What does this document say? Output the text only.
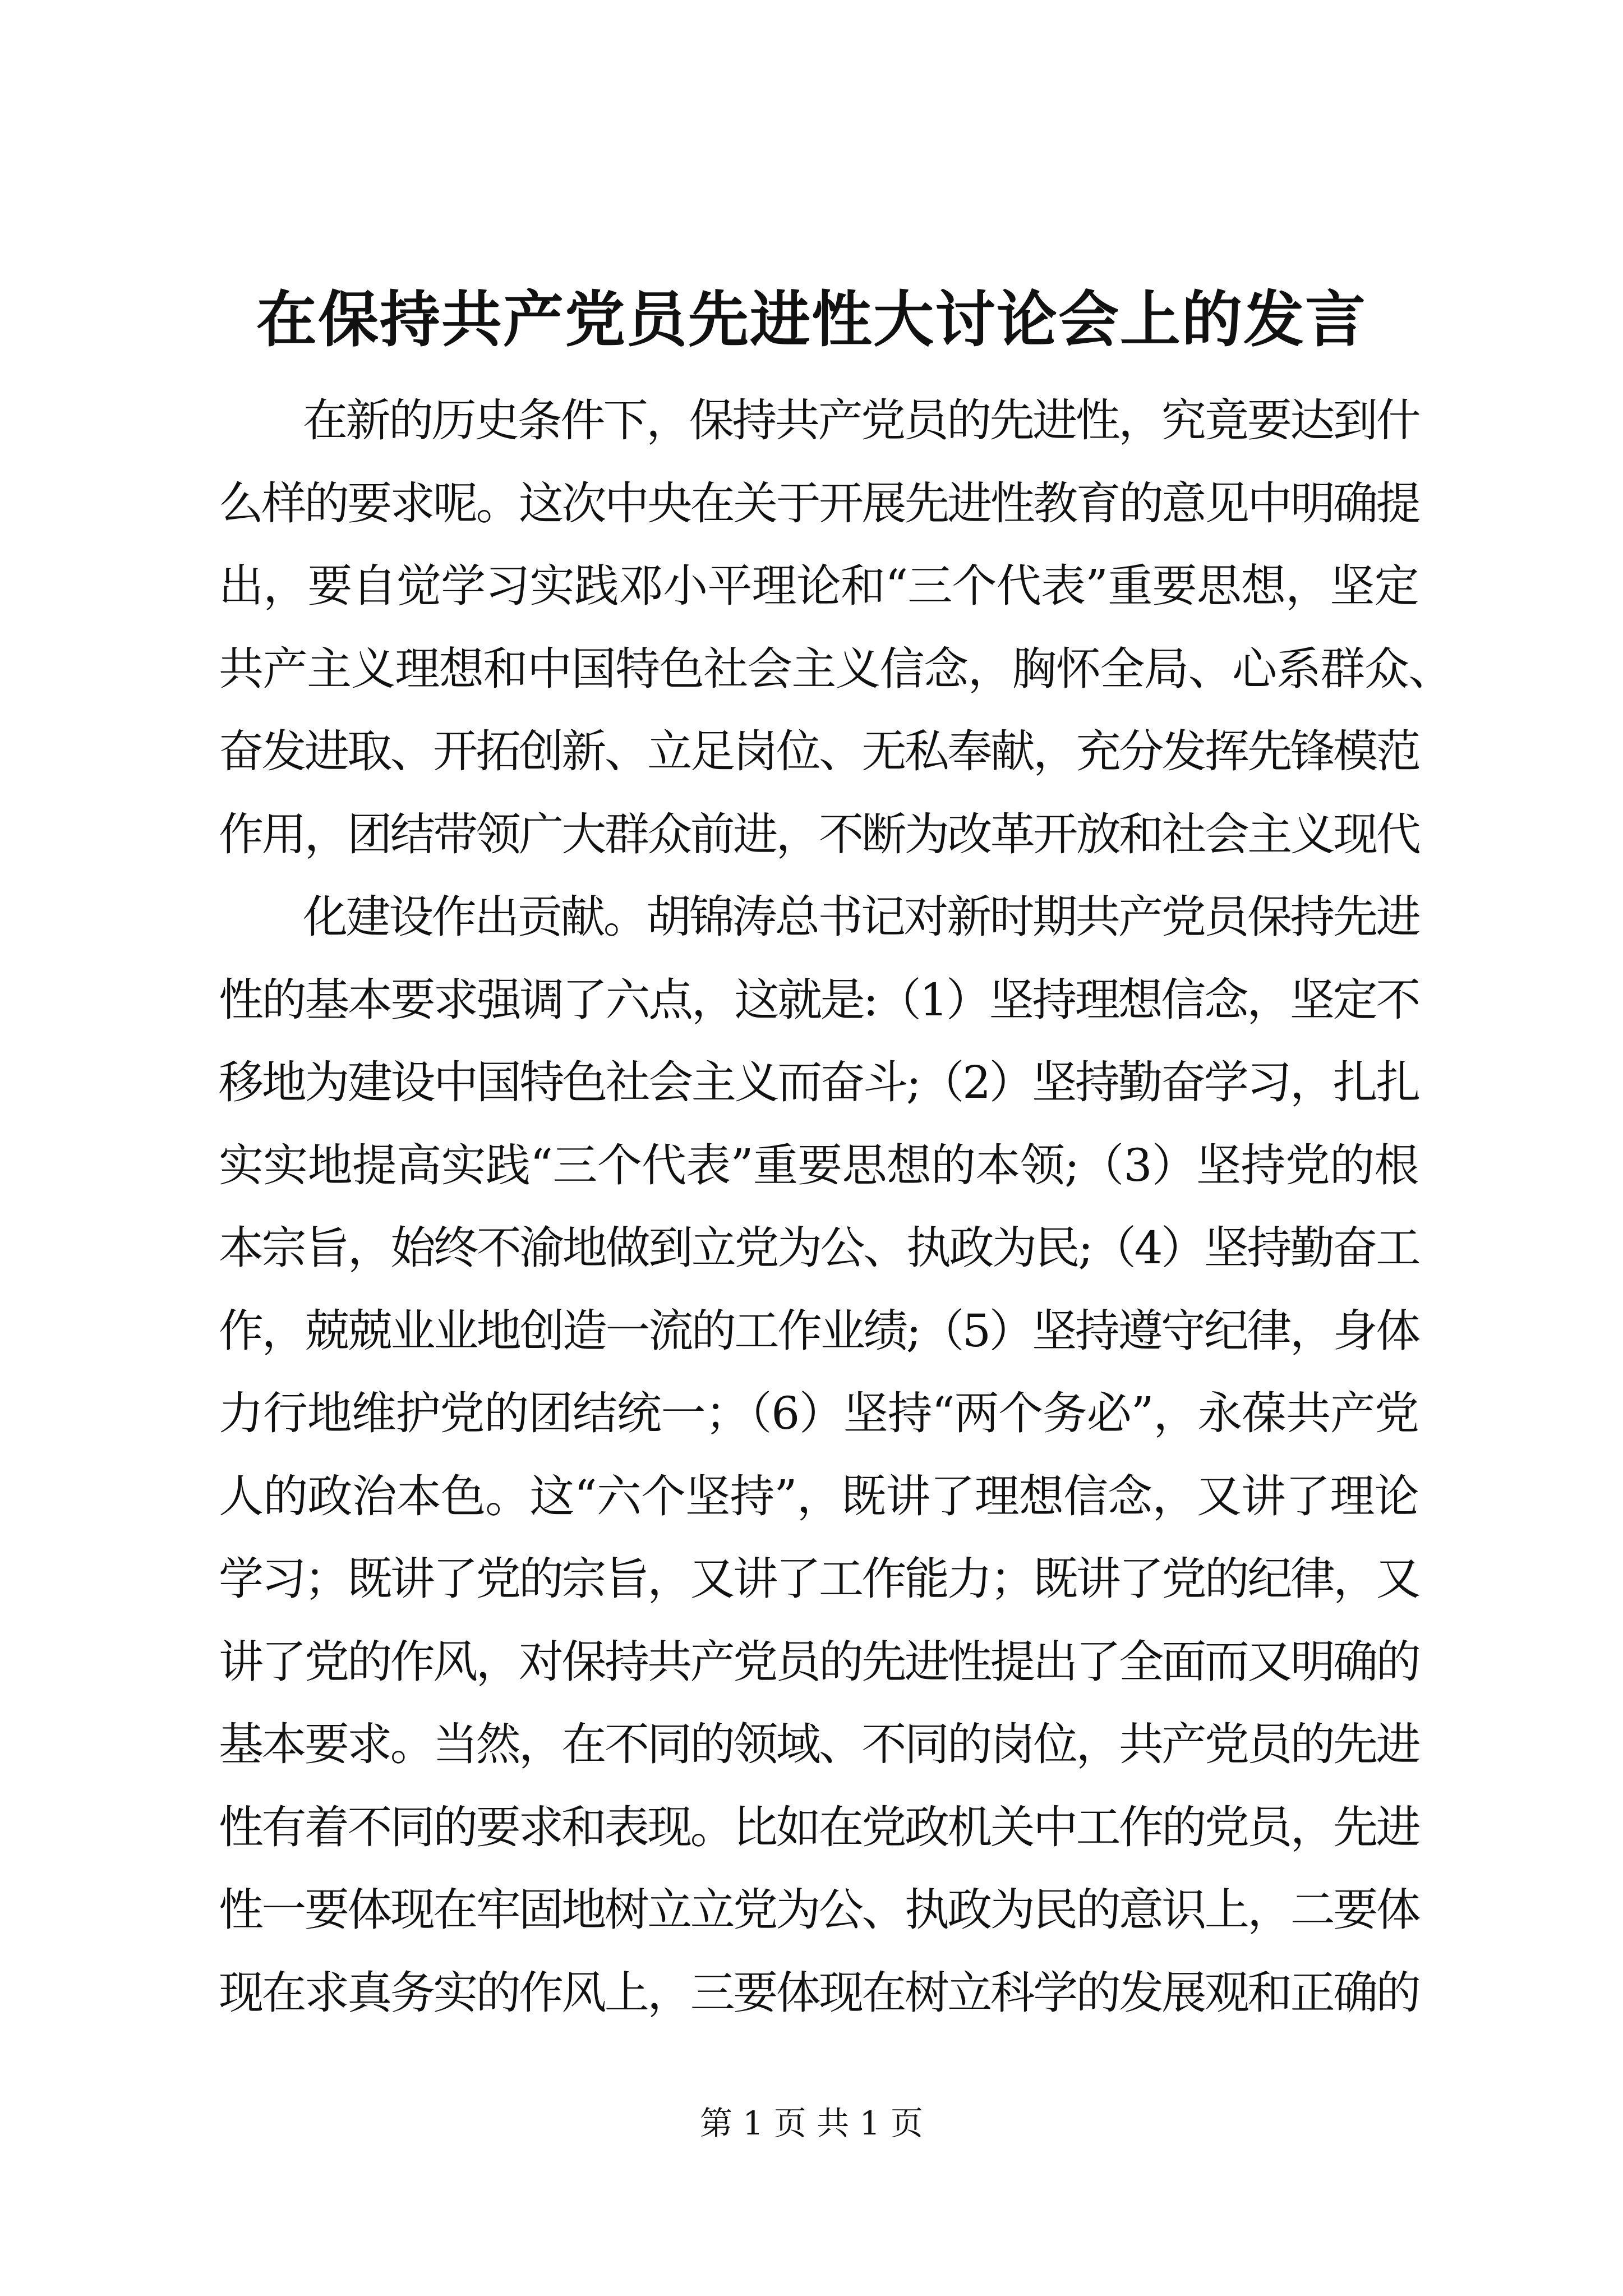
在保持共产党员先进性大讨论会上的发言
在新的历史条件下，保持共产党员的先进性，究竟要达到什
么样的要求呢。这次中央在关于开展先进性教育的意见中明确提
出，要自觉学习实践邓小平理论和“三个代表”重要思想，坚定
共产主义理想和中国特色社会主义信念，胸怀全局、心系群众、
奋发进取、开拓创新、立足岗位、无私奉献，充分发挥先锋模范
作用，团结带领广大群众前进，不断为改革开放和社会主义现代
化建设作出贡献。胡锦涛总书记对新时期共产党员保持先进
性的基本要求强调了六点，这就是:（1）坚持理想信念，坚定不
移地为建设中国特色社会主义而奋斗;（2）坚持勤奋学习，扎扎
实实地提高实践“三个代表”重要思想的本领;（3）坚持党的根
本宗旨，始终不渝地做到立党为公、执政为民;（4）坚持勤奋工
作，兢兢业业地创造一流的工作业绩;（5）坚持遵守纪律，身体
力行地维护党的团结统一；（6）坚持“两个务必”，永葆共产党
人的政治本色。这“六个坚持”，既讲了理想信念，又讲了理论
学习；既讲了党的宗旨，又讲了工作能力；既讲了党的纪律，又
讲了党的作风，对保持共产党员的先进性提出了全面而又明确的
基本要求。当然，在不同的领域、不同的岗位，共产党员的先进
性有着不同的要求和表现。比如在党政机关中工作的党员，先进
性一要体现在牢固地树立立党为公、执政为民的意识上，二要体
现在求真务实的作风上，三要体现在树立科学的发展观和正确的
第 1 页 共 1 页
